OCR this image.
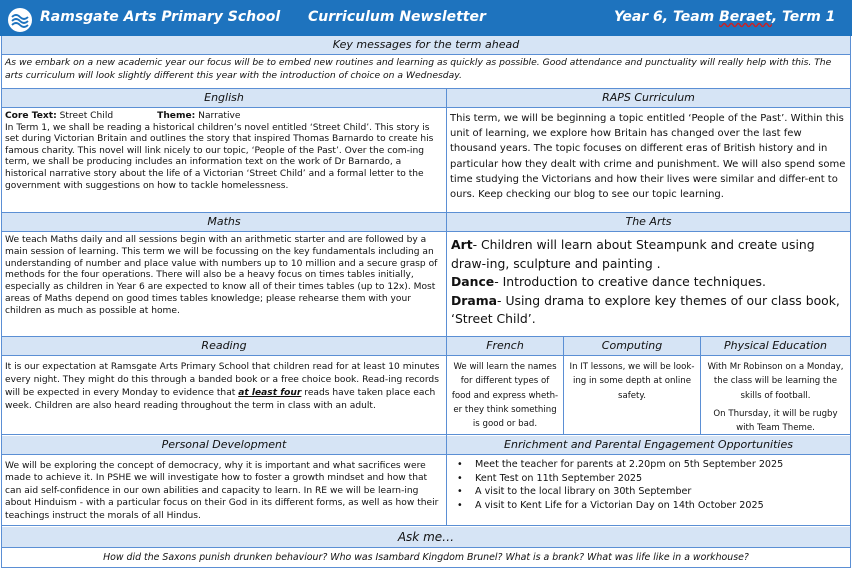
Ramsgate Arts Primary School Curriculum Newsletter	Year 6, Team Beraet, Term 1
Key messages for the term ahead
As we embark on a new academic year our focus will be to embed new routines and learning as quickly as possible. Good attendance and punctuality will really help with this. The arts curriculum will look slightly different this year with the introduction of choice on a Wednesday.
English	RAPS Curriculum
Core Text: Street Child	Theme: Narrative
In Term 1, we shall be reading a historical children’s novel entitled ‘Street Child’. This story is set during Victorian Britain and outlines the story that inspired Thomas Barnardo to create his famous charity. This novel will link nicely to our topic, ‘People of the Past’. Over the com-ing term, we shall be producing includes an information text on the work of Dr Barnardo, a historical narrative story about the life of a Victorian ‘Street Child’ and a formal letter to the government with suggestions on how to tackle homelessness.
This term, we will be beginning a topic entitled ‘People of the Past’. Within this unit of learning, we explore how Britain has changed over the last few thousand years. The topic focuses on different eras of British history and in particular how they dealt with crime and punishment. We will also spend some time studying the Victorians and how their lives were similar and differ-ent to ours. Keep checking our blog to see our topic learning.
Maths	The Arts
We teach Maths daily and all sessions begin with an arithmetic starter and are followed by a main session of learning. This term we will be focussing on the key fundamentals including an understanding of number and place value with numbers up to 10 million and a secure grasp of methods for the four operations. There will also be a heavy focus on times tables initially, especially as children in Year 6 are expected to know all of their times tables (up to 12x). Most areas of Maths depend on good times tables knowledge; please rehearse them with your children as much as possible at home.
Art- Children will learn about Steampunk and create using draw-ing, sculpture and painting .
Dance- Introduction to creative dance techniques.
Drama- Using drama to explore key themes of our class book, ‘Street Child’.
Reading	French	Computing	Physical Education
It is our expectation at Ramsgate Arts Primary School that children read for at least 10 minutes every night. They might do this through a banded book or a free choice book. Read-ing records will be expected in every Monday to evidence that at least four reads have taken place each week. Children are also heard reading throughout the term in class with an adult.
We will learn the names for different types of food and express wheth-er they think something is good or bad.
In IT lessons, we will be look-ing in some depth at online safety.
With Mr Robinson on a Monday, the class will be learning the skills of football.
On Thursday, it will be rugby with Team Theme.
Personal Development	Enrichment and Parental Engagement Opportunities
We will be exploring the concept of democracy, why it is important and what sacrifices were made to achieve it. In PSHE we will investigate how to foster a growth mindset and how that can aid self-confidence in our own abilities and capacity to learn. In RE we will be learn-ing about Hinduism - with a particular focus on their God in its different forms, as well as how their teachings instruct the morals of all Hindus.
• Meet the teacher for parents at 2.20pm on 5th September 2025
• Kent Test on 11th September 2025
• A visit to the local library on 30th September
• A visit to Kent Life for a Victorian Day on 14th October 2025
Ask me…
How did the Saxons punish drunken behaviour? Who was Isambard Kingdom Brunel? What is a brank? What was life like in a workhouse?
